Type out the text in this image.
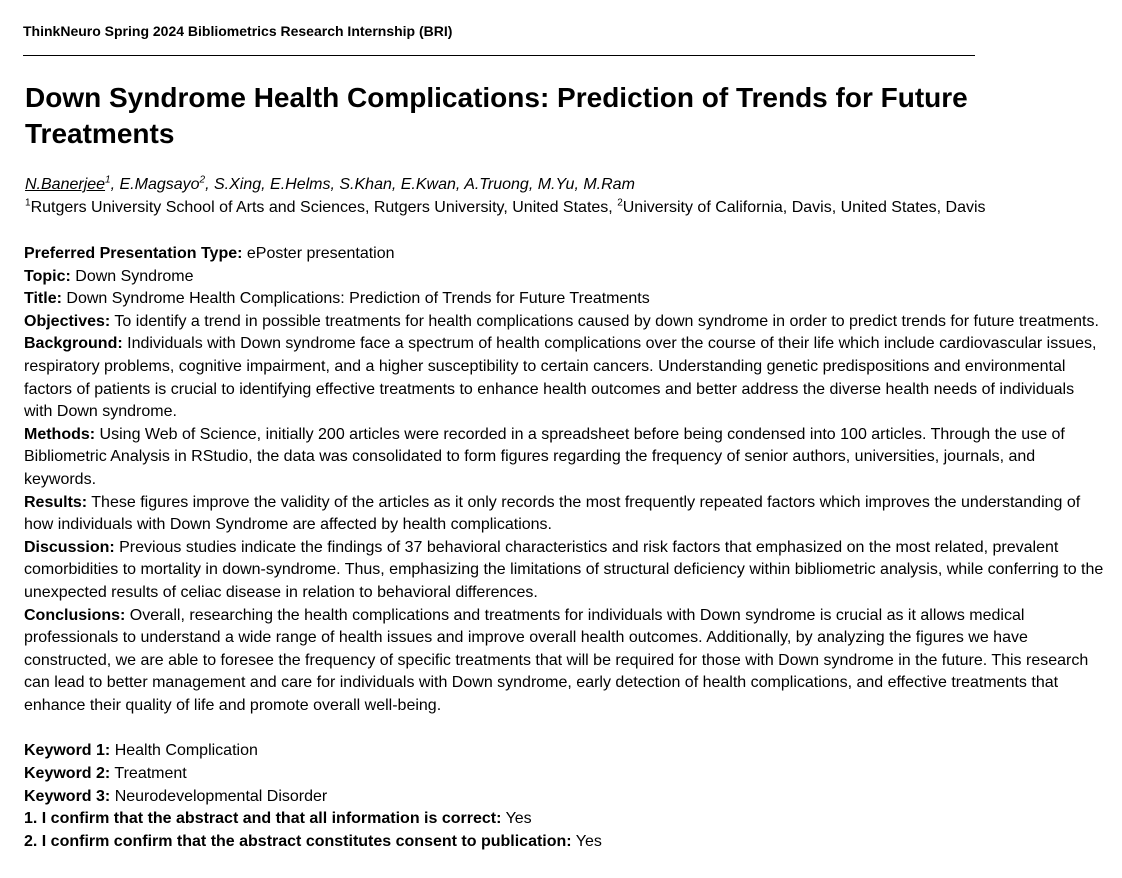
ThinkNeuro Spring 2024 Bibliometrics Research Internship (BRI)
Down Syndrome Health Complications: Prediction of Trends for Future Treatments
N.Banerjee$^1$, E.Magsayo$^2$, S.Xing, E.Helms, S.Khan, E.Kwan, A.Truong, M.Yu, M.Ram
$^1$Rutgers University School of Arts and Sciences, Rutgers University, United States, $^2$University of California, Davis, United States, Davis

Preferred Presentation Type: ePoster presentation

Topic: Down Syndrome

Title: Down Syndrome Health Complications: Prediction of Trends for Future Treatments

Objectives: To identify a trend in possible treatments for health complications caused by down syndrome in order to predict trends for future treatments.

Background: Individuals with Down syndrome face a spectrum of health complications over the course of their life which include cardiovascular issues, respiratory problems, cognitive impairment, and a higher susceptibility to certain cancers. Understanding genetic predispositions and environmental factors of patients is crucial to identifying effective treatments to enhance health outcomes and better address the diverse health needs of individuals with Down syndrome.

Methods: Using Web of Science, initially 200 articles were recorded in a spreadsheet before being condensed into 100 articles. Through the use of Bibliometric Analysis in RStudio, the data was consolidated to form figures regarding the frequency of senior authors, universities, journals, and keywords.

Results: These figures improve the validity of the articles as it only records the most frequently repeated factors which improves the understanding of how individuals with Down Syndrome are affected by health complications.

Discussion: Previous studies indicate the findings of 37 behavioral characteristics and risk factors that emphasized on the most related, prevalent comorbidities to mortality in down-syndrome. Thus, emphasizing the limitations of structural deficiency within bibliometric analysis, while conferring to the unexpected results of celiac disease in relation to behavioral differences.

Conclusions: Overall, researching the health complications and treatments for individuals with Down syndrome is crucial as it allows medical professionals to understand a wide range of health issues and improve overall health outcomes. Additionally, by analyzing the figures we have constructed, we are able to foresee the frequency of specific treatments that will be required for those with Down syndrome in the future. This research can lead to better management and care for individuals with Down syndrome, early detection of health complications, and effective treatments that enhance their quality of life and promote overall well-being.

Keyword 1: Health Complication

Keyword 2: Treatment

Keyword 3: Neurodevelopmental Disorder

1. I confirm that the abstract and that all information is correct: Yes

2. I confirm confirm that the abstract constitutes consent to publication: Yes
